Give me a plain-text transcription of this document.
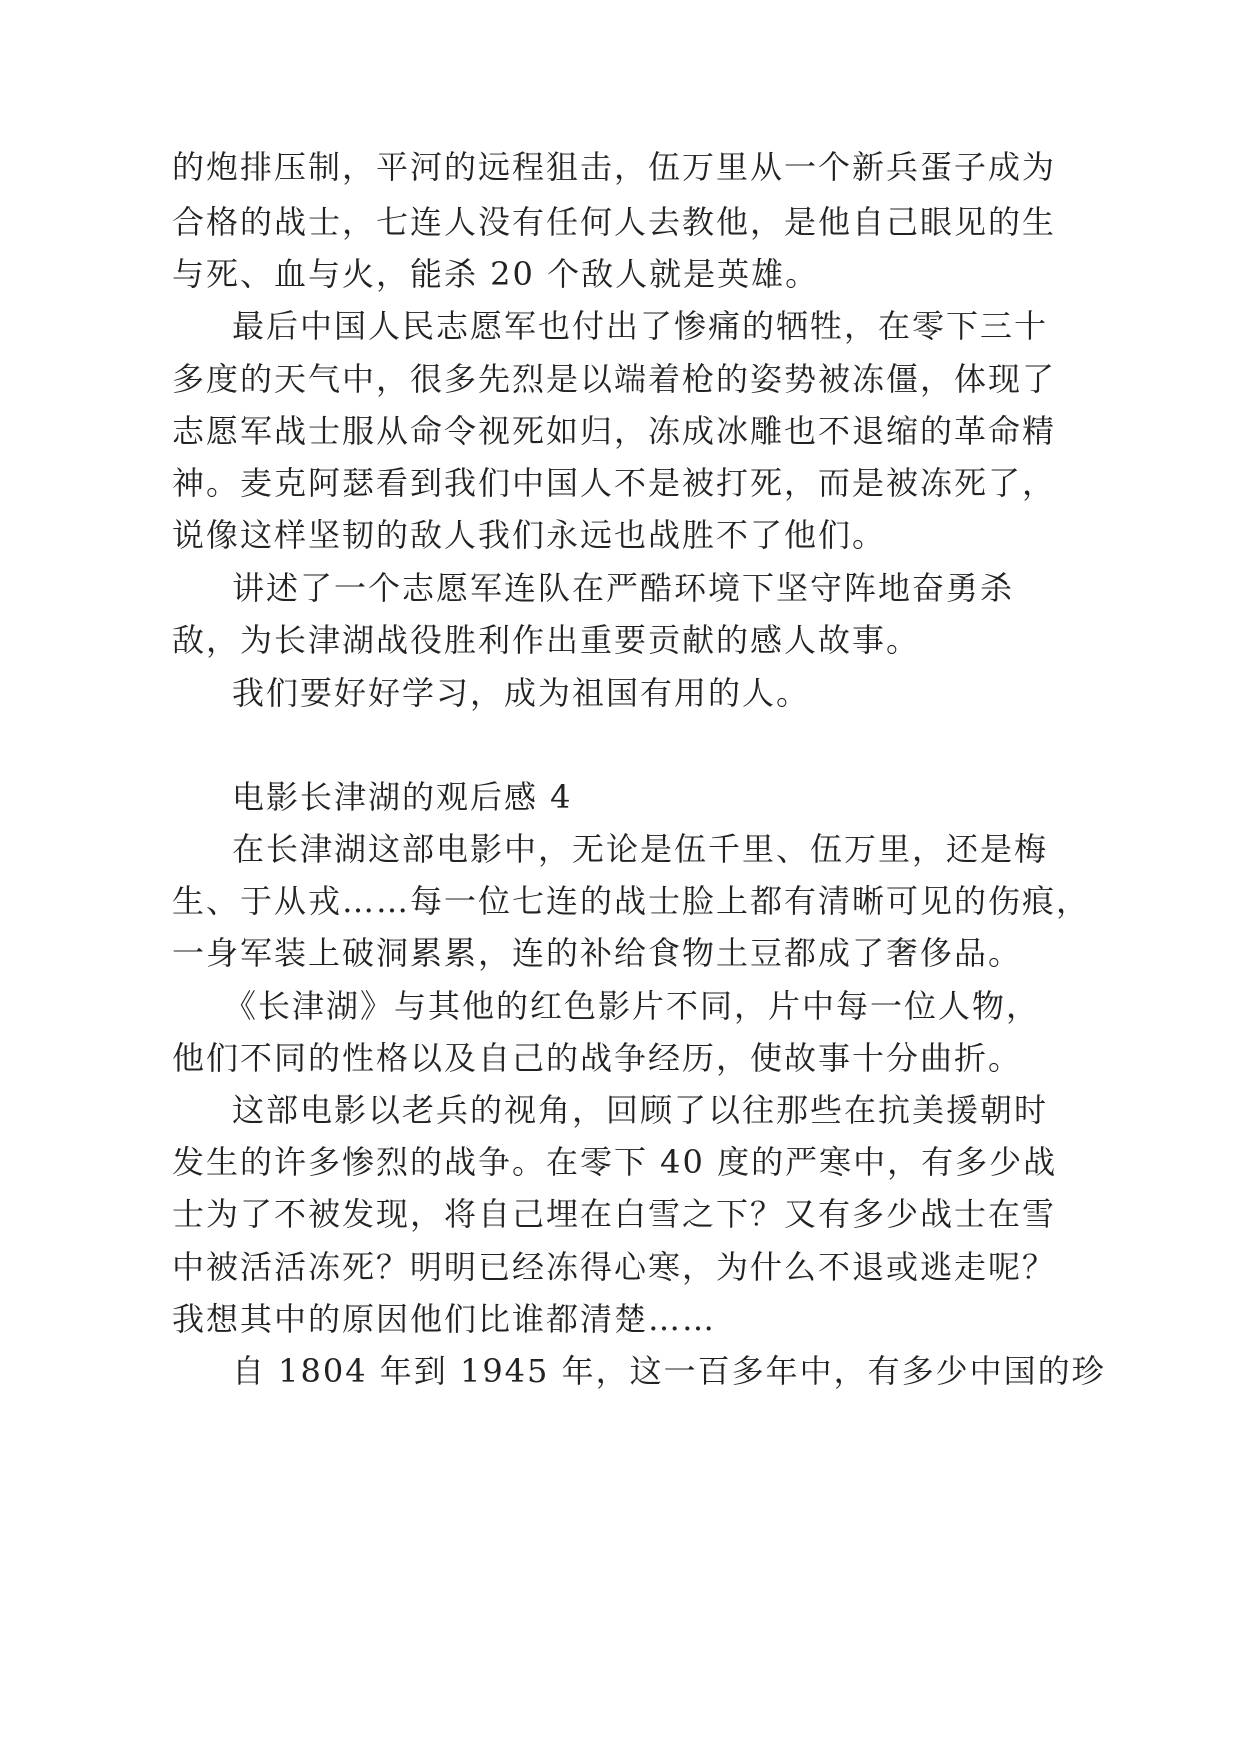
的炮排压制，平河的远程狙击，伍万里从一个新兵蛋子成为

合格的战士，七连人没有任何人去教他，是他自己眼见的生

与死、血与火，能杀 20 个敌人就是英雄。

最后中国人民志愿军也付出了惨痛的牺牲，在零下三十

多度的天气中，很多先烈是以端着枪的姿势被冻僵，体现了

志愿军战士服从命令视死如归，冻成冰雕也不退缩的革命精

神。麦克阿瑟看到我们中国人不是被打死，而是被冻死了，

说像这样坚韧的敌人我们永远也战胜不了他们。

讲述了一个志愿军连队在严酷环境下坚守阵地奋勇杀

敌，为长津湖战役胜利作出重要贡献的感人故事。

我们要好好学习，成为祖国有用的人。

电影长津湖的观后感 4

在长津湖这部电影中，无论是伍千里、伍万里，还是梅

生、于从戎……每一位七连的战士脸上都有清晰可见的伤痕，

一身军装上破洞累累，连的补给食物土豆都成了奢侈品。

《长津湖》与其他的红色影片不同，片中每一位人物，

他们不同的性格以及自己的战争经历，使故事十分曲折。

这部电影以老兵的视角，回顾了以往那些在抗美援朝时

发生的许多惨烈的战争。在零下 40 度的严寒中，有多少战

士为了不被发现，将自己埋在白雪之下？又有多少战士在雪

中被活活冻死？明明已经冻得心寒，为什么不退或逃走呢？

我想其中的原因他们比谁都清楚……

自 1804 年到 1945 年，这一百多年中，有多少中国的珍
